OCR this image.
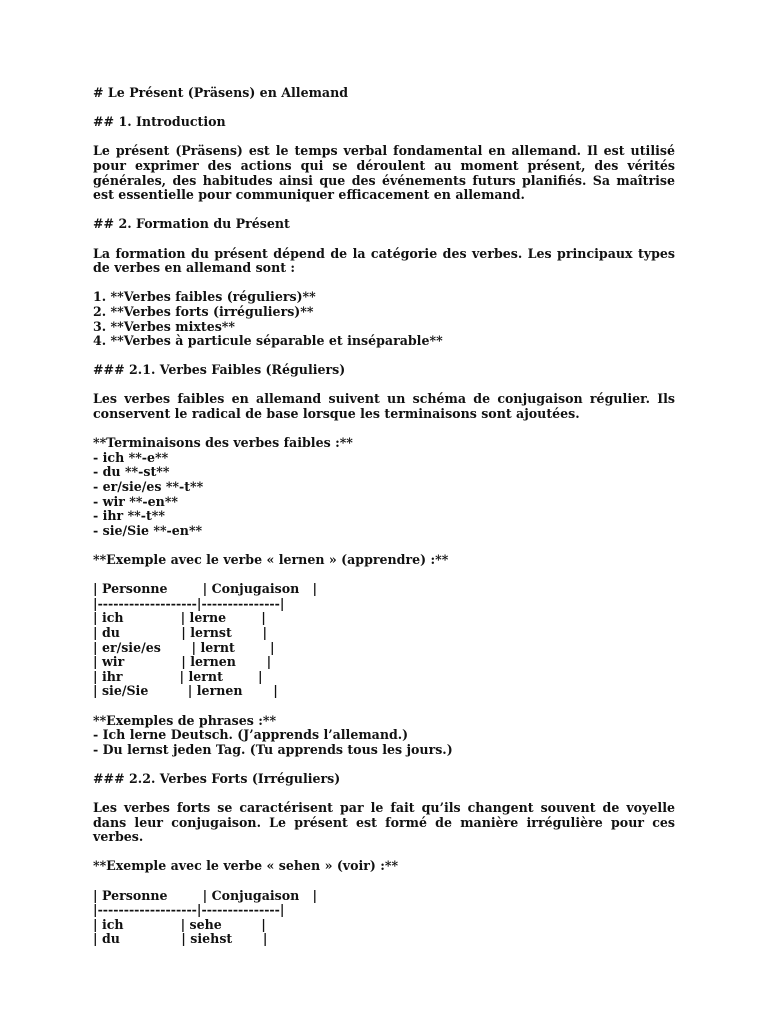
# Le Présent (Präsens) en Allemand

## 1. Introduction

Le présent (Präsens) est le temps verbal fondamental en allemand. Il est utilisé pour exprimer des actions qui se déroulent au moment présent, des vérités générales, des habitudes ainsi que des événements futurs planifiés. Sa maîtrise est essentielle pour communiquer efficacement en allemand.

## 2. Formation du Présent

La formation du présent dépend de la catégorie des verbes. Les principaux types de verbes en allemand sont :

1. **Verbes faibles (réguliers)**
2. **Verbes forts (irréguliers)**
3. **Verbes mixtes**
4. **Verbes à particule séparable et inséparable**

### 2.1. Verbes Faibles (Réguliers)

Les verbes faibles en allemand suivent un schéma de conjugaison régulier. Ils conservent le radical de base lorsque les terminaisons sont ajoutées.

**Terminaisons des verbes faibles :**
- ich **-e**
- du **-st**
- er/sie/es **-t**
- wir **-en**
- ihr **-t**
- sie/Sie **-en**

**Exemple avec le verbe « lernen » (apprendre) :**

| Personne        | Conjugaison   |
|-------------------|---------------|
| ich             | lerne        |
| du              | lernst       |
| er/sie/es       | lernt        |
| wir             | lernen       |
| ihr             | lernt        |
| sie/Sie         | lernen       |
**Exemples de phrases :**
- Ich lerne Deutsch. (J’apprends l’allemand.)
- Du lernst jeden Tag. (Tu apprends tous les jours.)

### 2.2. Verbes Forts (Irréguliers)

Les verbes forts se caractérisent par le fait qu’ils changent souvent de voyelle dans leur conjugaison. Le présent est formé de manière irrégulière pour ces verbes.

**Exemple avec le verbe « sehen » (voir) :**

| Personne        | Conjugaison   |
|-------------------|---------------|
| ich             | sehe         |
| du              | siehst       |
